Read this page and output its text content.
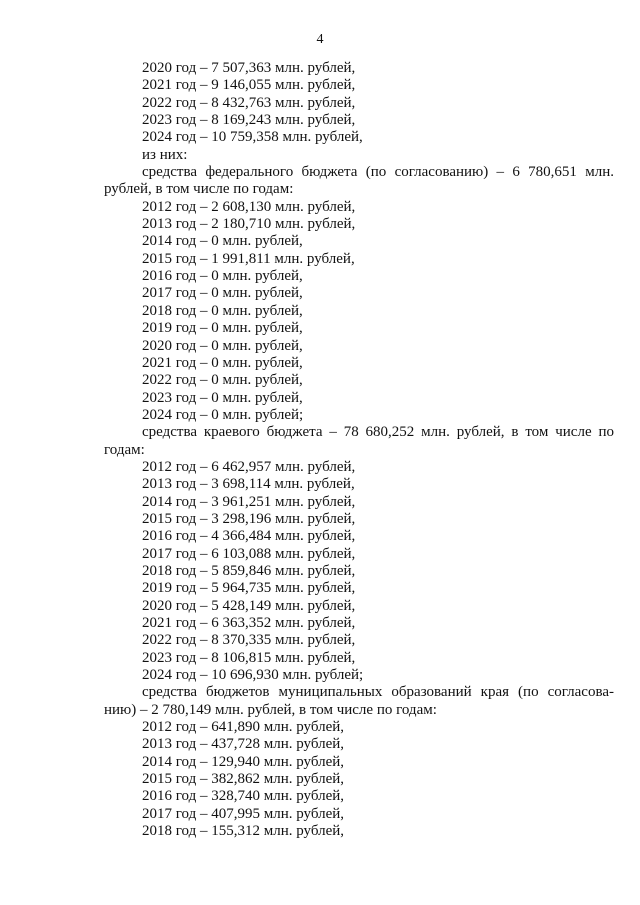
4
2020 год – 7 507,363 млн. рублей,
2021 год – 9 146,055 млн. рублей,
2022 год – 8 432,763 млн. рублей,
2023 год – 8 169,243 млн. рублей,
2024 год – 10 759,358 млн. рублей,
из них:
средства федерального бюджета (по согласованию) – 6 780,651 млн.
рублей, в том числе по годам:
2012 год – 2 608,130 млн. рублей,
2013 год – 2 180,710 млн. рублей,
2014 год – 0 млн. рублей,
2015 год – 1 991,811 млн. рублей,
2016 год – 0 млн. рублей,
2017 год – 0 млн. рублей,
2018 год – 0 млн. рублей,
2019 год – 0 млн. рублей,
2020 год – 0 млн. рублей,
2021 год – 0 млн. рублей,
2022 год – 0 млн. рублей,
2023 год – 0 млн. рублей,
2024 год – 0 млн. рублей;
средства краевого бюджета – 78 680,252 млн. рублей, в том числе по
годам:
2012 год – 6 462,957 млн. рублей,
2013 год – 3 698,114 млн. рублей,
2014 год – 3 961,251 млн. рублей,
2015 год – 3 298,196 млн. рублей,
2016 год – 4 366,484 млн. рублей,
2017 год – 6 103,088 млн. рублей,
2018 год – 5 859,846 млн. рублей,
2019 год – 5 964,735 млн. рублей,
2020 год – 5 428,149 млн. рублей,
2021 год – 6 363,352 млн. рублей,
2022 год – 8 370,335 млн. рублей,
2023 год – 8 106,815 млн. рублей,
2024 год – 10 696,930 млн. рублей;
средства бюджетов муниципальных образований края (по согласова-
нию) – 2 780,149 млн. рублей, в том числе по годам:
2012 год – 641,890 млн. рублей,
2013 год – 437,728 млн. рублей,
2014 год – 129,940 млн. рублей,
2015 год – 382,862 млн. рублей,
2016 год – 328,740 млн. рублей,
2017 год – 407,995 млн. рублей,
2018 год – 155,312 млн. рублей,
